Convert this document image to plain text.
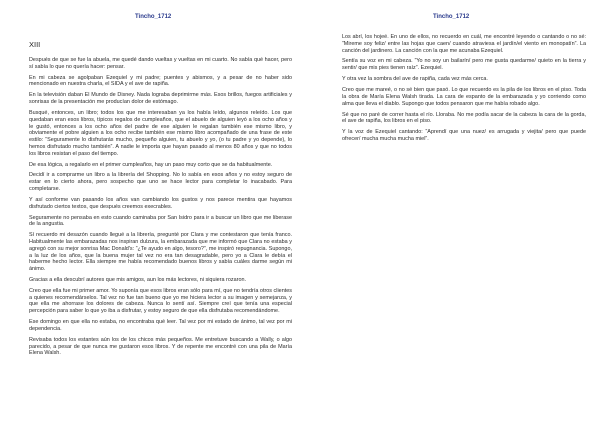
Tincho_1712
XIII

Después de que se fue la abuela, me quedé dando vueltas y vueltas en mi cuarto. No sabía qué hacer, pero sí sabía lo que no quería hacer: pensar.

En mi cabeza se agolpaban Ezequiel y mi padre; puentes y abismos, y a pesar de no haber sido mencionado en nuestra charla, el SIDA y el ave de rapiña.

En la televisión daban El Mundo de Disney. Nada lograba deprimirme más. Esos brillos, fuegos artificiales y sonrisas de la presentación me producían dolor de estómago.

Busqué, entonces, un libro; todos los que me interesaban ya los había leído, algunos releído. Los que quedaban eran esos libros, típicos regalos de cumpleaños, que el abuelo de alguien leyó a los ocho años y le gustó, entonces a los ocho años del padre de ese alguien le regalan también ese mismo libro, y obviamente el pobre alguien a los ocho recibe también ese mismo libro acompañado de una frase de este estilo: “Seguramente lo disfrutarás mucho, pequeño alguien, tu abuelo y yo, (o tu padre y yo depende), lo hemos disfrutado mucho también”. A nadie le importa que hayan pasado al menos 80 años y que no todos los libros resistan el paso del tiempo.

De esa lógica, a regalarlo en el primer cumpleaños, hay un paso muy corto que se da habitualmente.

Decidí ir a comprarme un libro a la librería del Shopping. No lo sabía en esos años y no estoy seguro de estar en lo cierto ahora, pero sospecho que uno se hace lector para completar lo inacabado. Para completarse.

Y así conforme van pasando los años van cambiando los gustos y nos parece mentira que hayamos disfrutado ciertos textos, que después creemos execrables.

Seguramente no pensaba en esto cuando caminaba por San Isidro para ir a buscar un libro que me liberase de la angustia.

Sí recuerdo mi desazón cuando llegué a la librería, pregunté por Clara y me contestaron que tenía franco. Habitualmente las embarazadas nos inspiran dulzura, la embarazada que me informó que Clara no estaba y agregó con su mejor sonrisa Mac Donald's: “¿Te ayudo en algo, tesoro?”, me inspiró repugnancia. Supongo, a la luz de los años, que la buena mujer tal vez no era tan desagradable, pero yo a Clara le debía el haberme hecho lector. Ella siempre me había recomendado buenos libros y sabía cuáles darme según mi ánimo.

Gracias a ella descubrí autores que mis amigos, aun los más lectores, ni siquiera rozaron.

Creo que ella fue mi primer amor. Yo suponía que esos libros eran sólo para mí, que no tendría otros clientes a quienes recomendárselos. Tal vez no fue tan bueno que yo me hiciera lector a su imagen y semejanza, y que ella me ahorrase los dolores de cabeza. Nunca lo sentí así. Siempre creí que tenía una especial percepción para saber lo que yo iba a disfrutar, y estoy seguro de que ella disfrutaba recomendándome.

Ese domingo en que ella no estaba, no encontraba qué leer. Tal vez por mi estado de ánimo, tal vez por mi dependencia.

Revisaba todos los estantes aún los de los chicos más pequeños. Me entretuve buscando a Wally, o algo parecido, a pesar de que nunca me gustaron esos libros. Y de repente me encontré con una pila de María Elena Walsh.

Tincho_1712

Los abrí, los hojeé. En uno de ellos, no recuerdo en cuál, me encontré leyendo o cantando o no sé: “Mireme soy feliz/ entre las hojas que caen/ cuando atraviesa el jardín/el viento en monopatín”. La canción del jardinero. La canción con la que me acunaba Ezequiel.

Sentía su voz en mi cabeza. “Yo no soy un bailarín/ pero me gusta quedarme/ quieto en la tierra y sentir/ que mis pies tienen raíz”. Ezequiel.

Y otra vez la sombra del ave de rapiña, cada vez más cerca.

Creo que me mareé, o no sé bien que pasó. Lo que recuerdo es la pila de los libros en el piso. Toda la obra de María Elena Walsh tirada. La cara de espanto de la embarazada y yo corriendo como alma que lleva el diablo. Supongo que todos pensaron que me había robado algo.

Sé que no paré de correr hasta el río. Lloraba. No me podía sacar de la cabeza la cara de la gorda, el ave de rapiña, los libros en el piso.

Y la voz de Ezequiel cantando: “Aprendí que una nuez/ es arrugada y viejita/ pero que puede ofrecer/ mucha mucha mucha miel”.
